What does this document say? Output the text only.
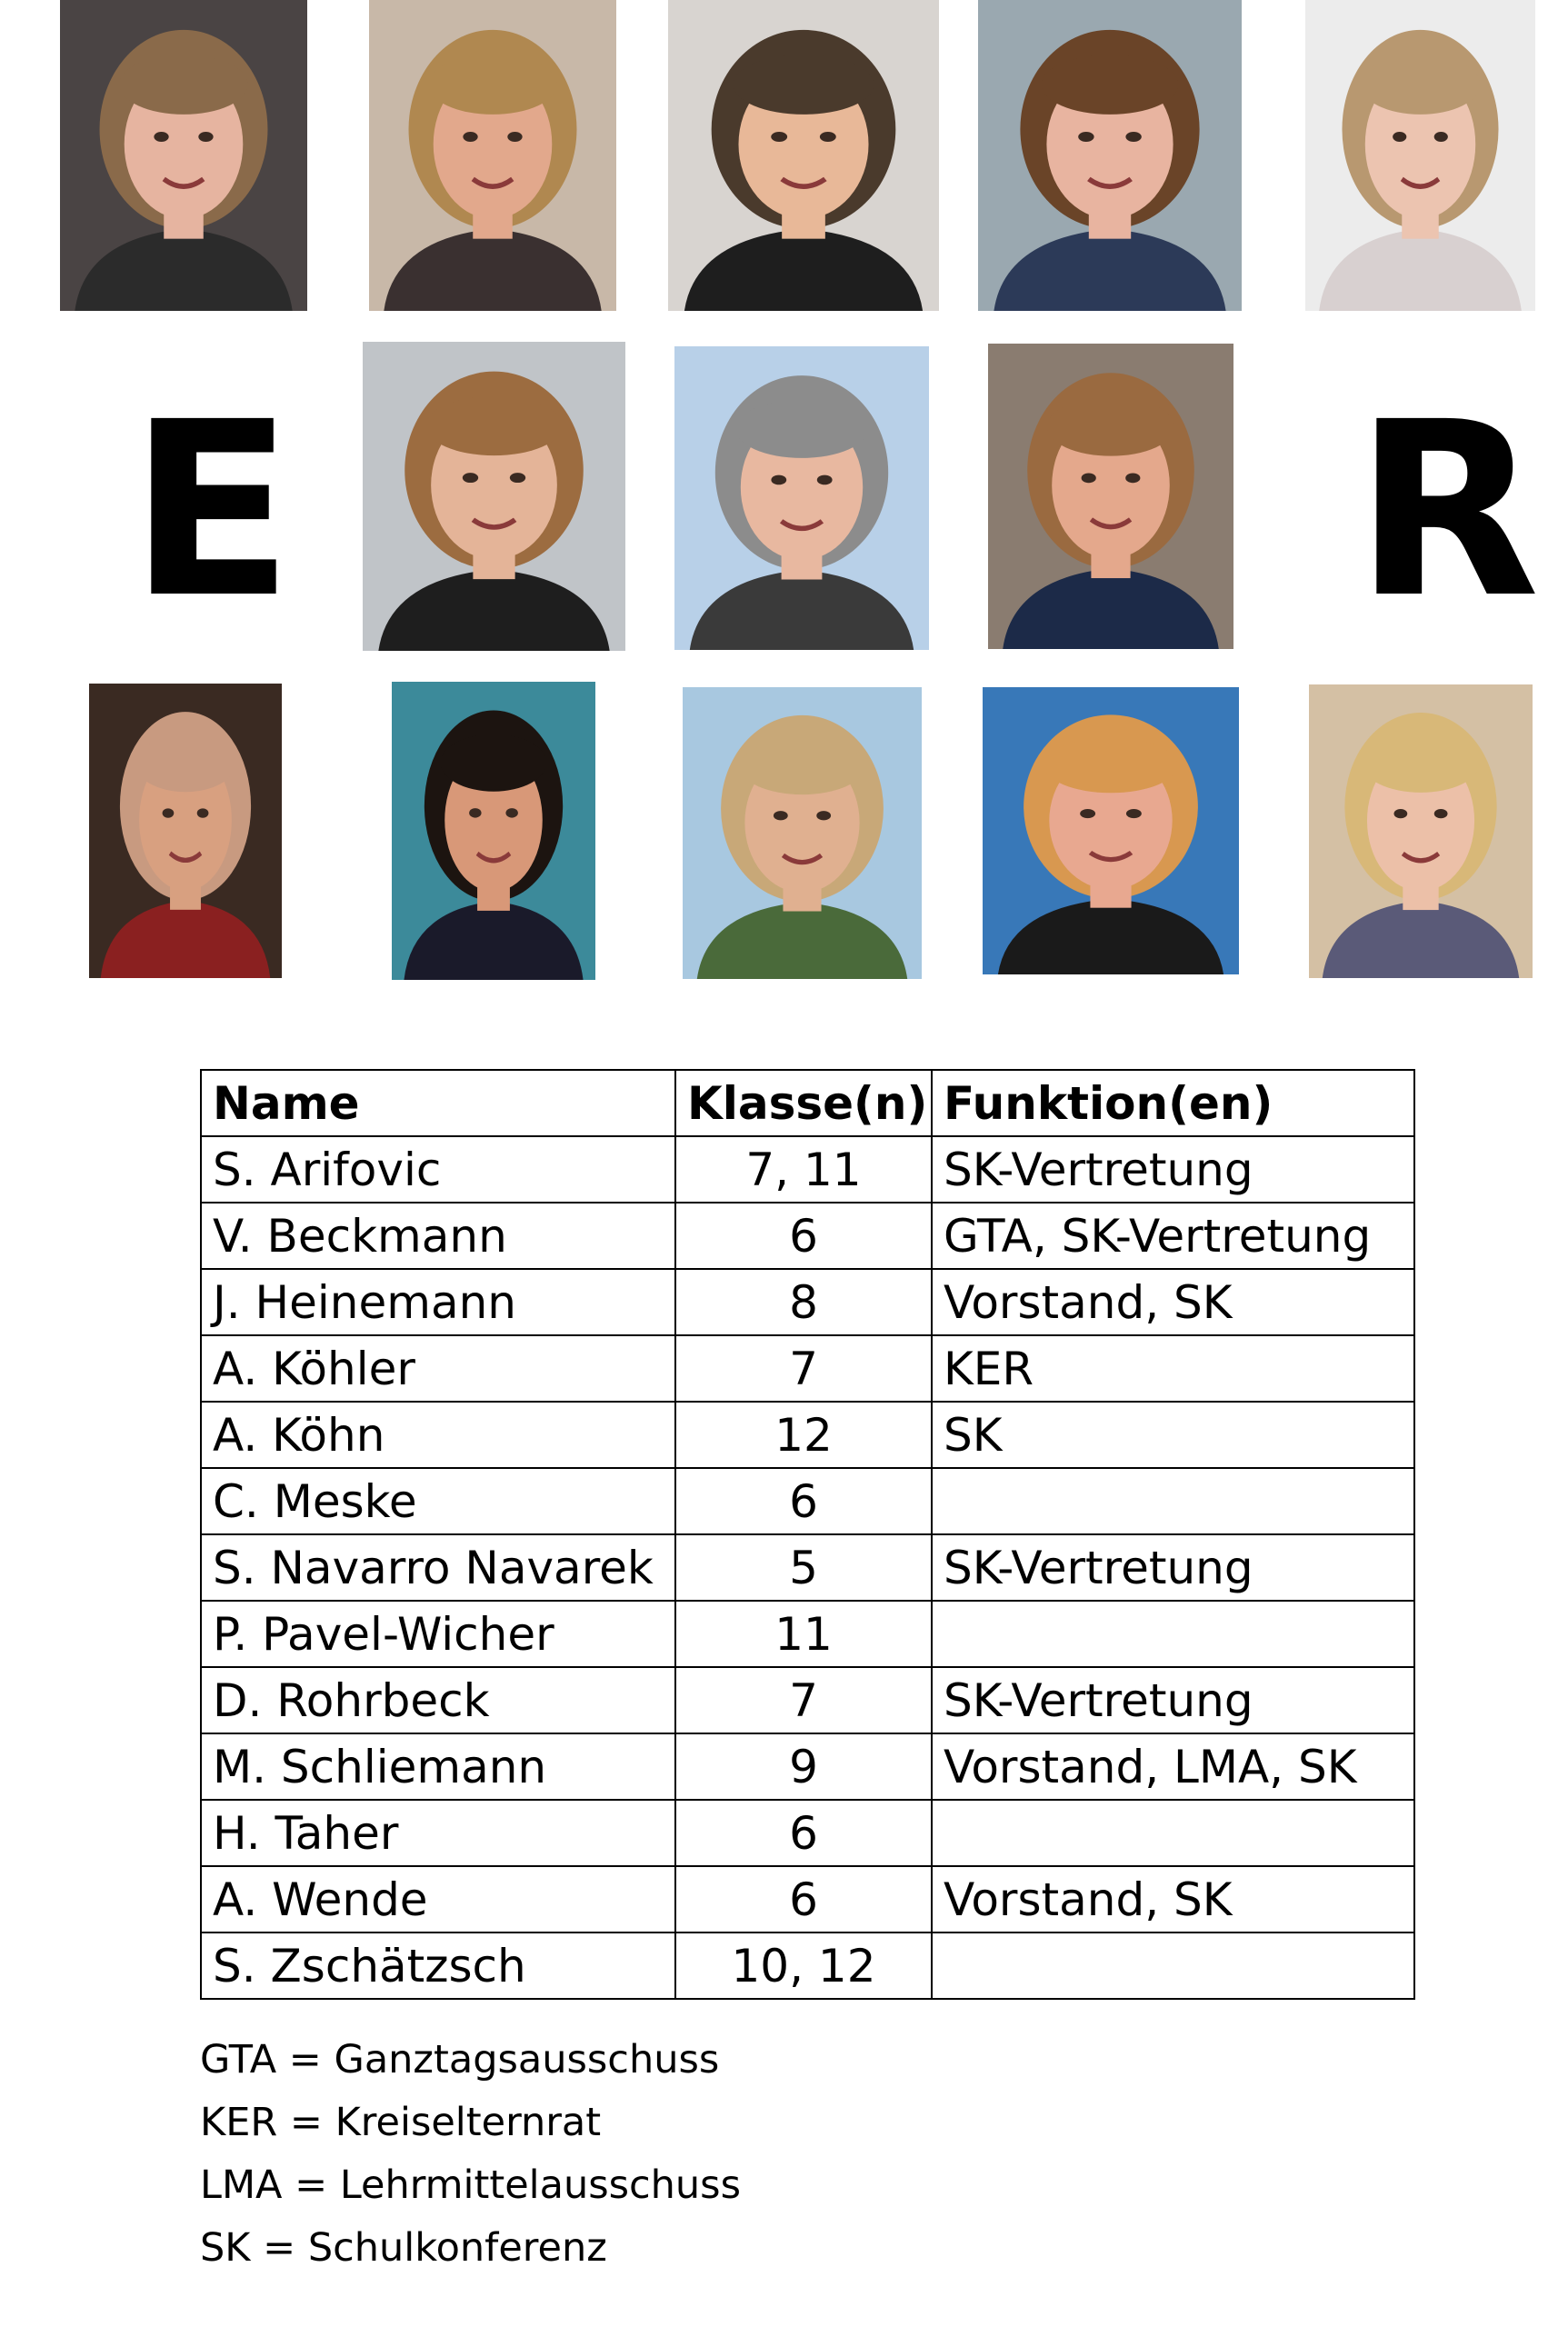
E	R
Name	Klasse(n)	Funktion(en)
S. Arifovic	7, 11	SK-Vertretung
V. Beckmann	6	GTA, SK-Vertretung
J. Heinemann	8	Vorstand, SK
A. Köhler	7	KER
A. Köhn	12	SK
C. Meske	6	
S. Navarro Navarek	5	SK-Vertretung
P. Pavel-Wicher	11	
D. Rohrbeck	7	SK-Vertretung
M. Schliemann	9	Vorstand, LMA, SK
H. Taher	6	
A. Wende	6	Vorstand, SK
S. Zschätzsch	10, 12	
GTA = Ganztagsausschuss
KER = Kreiselternrat
LMA = Lehrmittelausschuss
SK = Schulkonferenz
